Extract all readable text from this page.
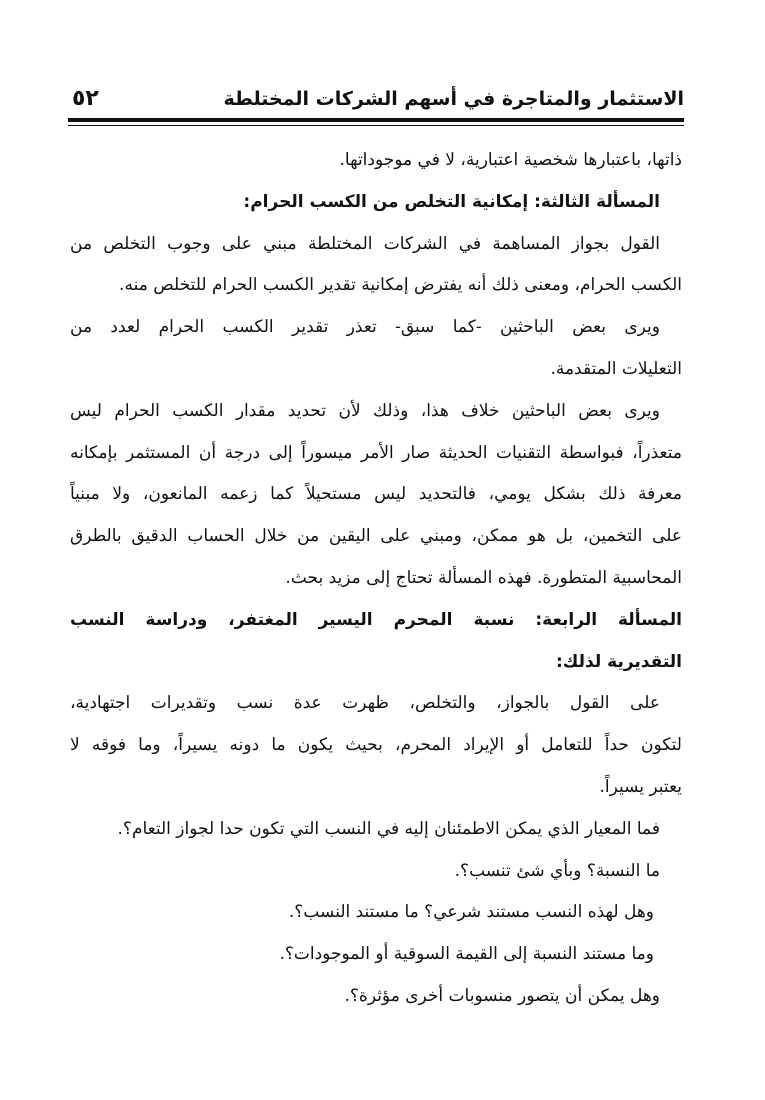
الاستثمار والمتاجرة في أسهم الشركات المختلطة
٥٢
ذاتها، باعتبارها شخصية اعتبارية، لا في موجوداتها.
المسألة الثالثة: إمكانية التخلص من الكسب الحرام:
القول بجواز المساهمة في الشركات المختلطة مبني على وجوب التخلص من
الكسب الحرام، ومعنى ذلك أنه يفترض إمكانية تقدير الكسب الحرام للتخلص منه.
ويرى بعض الباحثين -كما سبق- تعذر تقدير الكسب الحرام لعدد من
التعليلات المتقدمة.
ويرى بعض الباحثين خلاف هذا، وذلك لأن تحديد مقدار الكسب الحرام ليس
متعذراً، فبواسطة التقنيات الحديثة صار الأمر ميسوراً إلى درجة أن المستثمر بإمكانه
معرفة ذلك بشكل يومي، فالتحديد ليس مستحيلاً كما زعمه المانعون، ولا مبنياً
على التخمين، بل هو ممكن، ومبني على اليقين من خلال الحساب الدقيق بالطرق
المحاسبية المتطورة. فهذه المسألة تحتاج إلى مزيد بحث.
المسألة الرابعة: نسبة المحرم اليسير المغتفر، ودراسة النسب
التقديرية لذلك:
على القول بالجواز، والتخلص، ظهرت عدة نسب وتقديرات اجتهادية،
لتكون حداً للتعامل أو الإيراد المحرم، بحيث يكون ما دونه يسيراً، وما فوقه لا
يعتبر يسيراً.
فما المعيار الذي يمكن الاطمئنان إليه في النسب التي تكون حدا لجواز التعام؟.
ما النسبة؟ وبأي شئ تنسب؟.
وهل لهذه النسب مستند شرعي؟ ما مستند النسب؟.
وما مستند النسبة إلى القيمة السوقية أو الموجودات؟.
وهل يمكن أن يتصور منسوبات أخرى مؤثرة؟.
